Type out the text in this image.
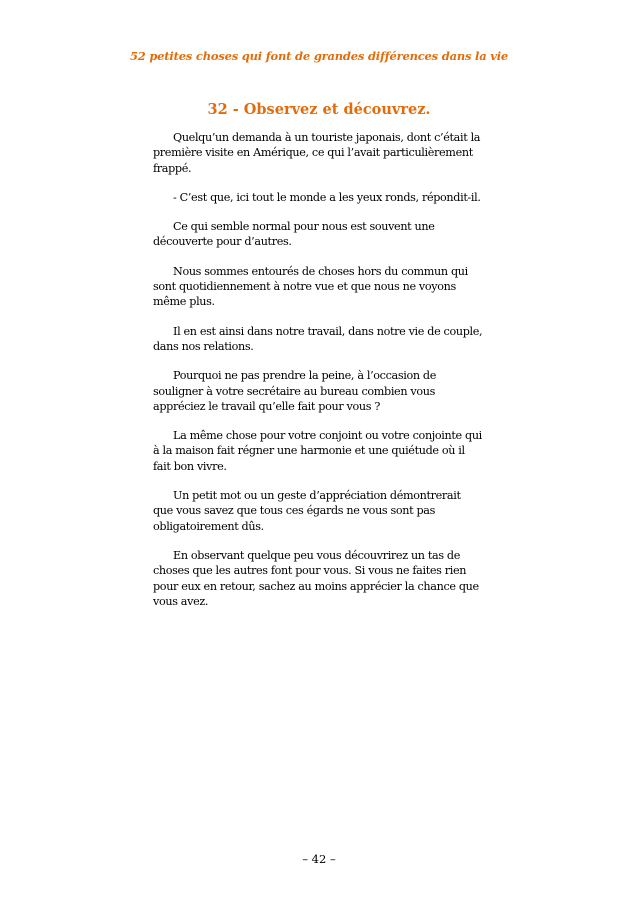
52 petites choses qui font de grandes différences dans la vie
32 - Observez et découvrez.

Quelqu’un demanda à un touriste japonais, dont c’était la première visite en Amérique, ce qui l’avait particulièrement frappé.

- C’est que, ici tout le monde a les yeux ronds, répondit-il.

Ce qui semble normal pour nous est souvent une découverte pour d’autres.

Nous sommes entourés de choses hors du commun qui sont quotidiennement à notre vue et que nous ne voyons même plus.

Il en est ainsi dans notre travail, dans notre vie de couple, dans nos relations.

Pourquoi ne pas prendre la peine, à l’occasion de souligner à votre secrétaire au bureau combien vous appréciez le travail qu’elle fait pour vous ?

La même chose pour votre conjoint ou votre conjointe qui à la maison fait régner une harmonie et une quiétude où il fait bon vivre.

Un petit mot ou un geste d’appréciation démontrerait que vous savez que tous ces égards ne vous sont pas obligatoirement dûs.

En observant quelque peu vous découvrirez un tas de choses que les autres font pour vous. Si vous ne faites rien pour eux en retour, sachez au moins apprécier la chance que vous avez.

– 42 –
